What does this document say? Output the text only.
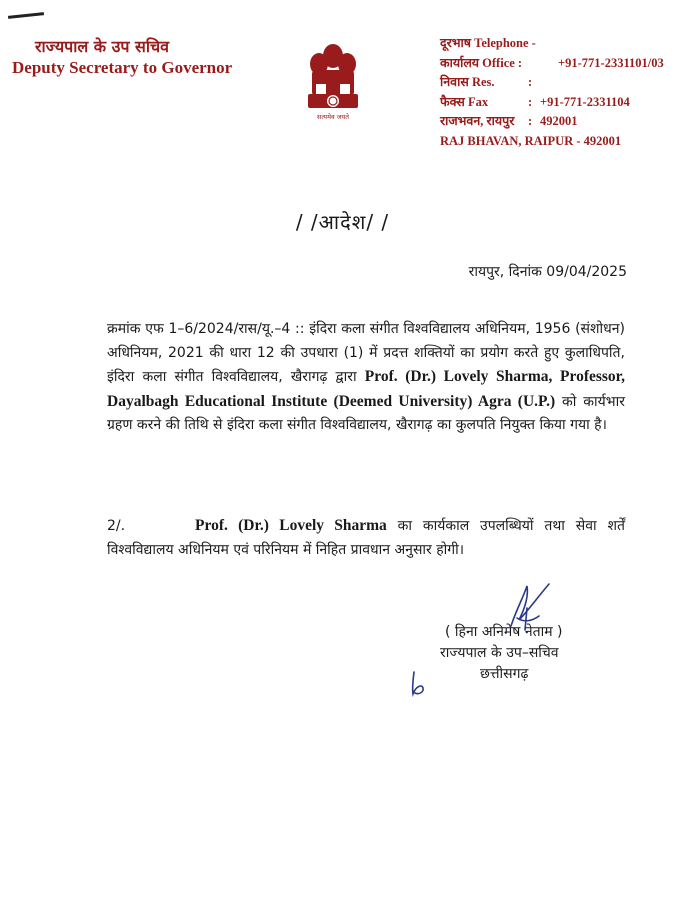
राज्यपाल के उप सचिव
Deputy Secretary to Governor
सत्यमेव जयते
दूरभाष Telephone -
कार्यालय Office :	+91-771-2331101/03
निवास Res.	:
फैक्स Fax	: +91-771-2331104
राजभवन, रायपुर : 492001
RAJ BHAVAN, RAIPUR - 492001
/ /आदेश/ /
रायपुर, दिनांक 09/04/2025
क्रमांक एफ 1–6/2024/रास/यू.–4 :: इंदिरा कला संगीत विश्वविद्यालय अधिनियम, 1956 (संशोधन) अधिनियम, 2021 की धारा 12 की उपधारा (1) में प्रदत्त शक्तियों का प्रयोग करते हुए कुलाधिपति, इंदिरा कला संगीत विश्वविद्यालय, खैरागढ़ द्वारा Prof. (Dr.) Lovely Sharma, Professor, Dayalbagh Educational Institute (Deemed University) Agra (U.P.) को कार्यभार ग्रहण करने की तिथि से इंदिरा कला संगीत विश्वविद्यालय, खैरागढ़ का कुलपति नियुक्त किया गया है।
2/.	Prof. (Dr.) Lovely Sharma का कार्यकाल उपलब्धियों तथा सेवा शर्तें विश्वविद्यालय अधिनियम एवं परिनियम में निहित प्रावधान अनुसार होगी।
( हिना अनिमेष नेताम )
राज्यपाल के उप–सचिव
छत्तीसगढ़
